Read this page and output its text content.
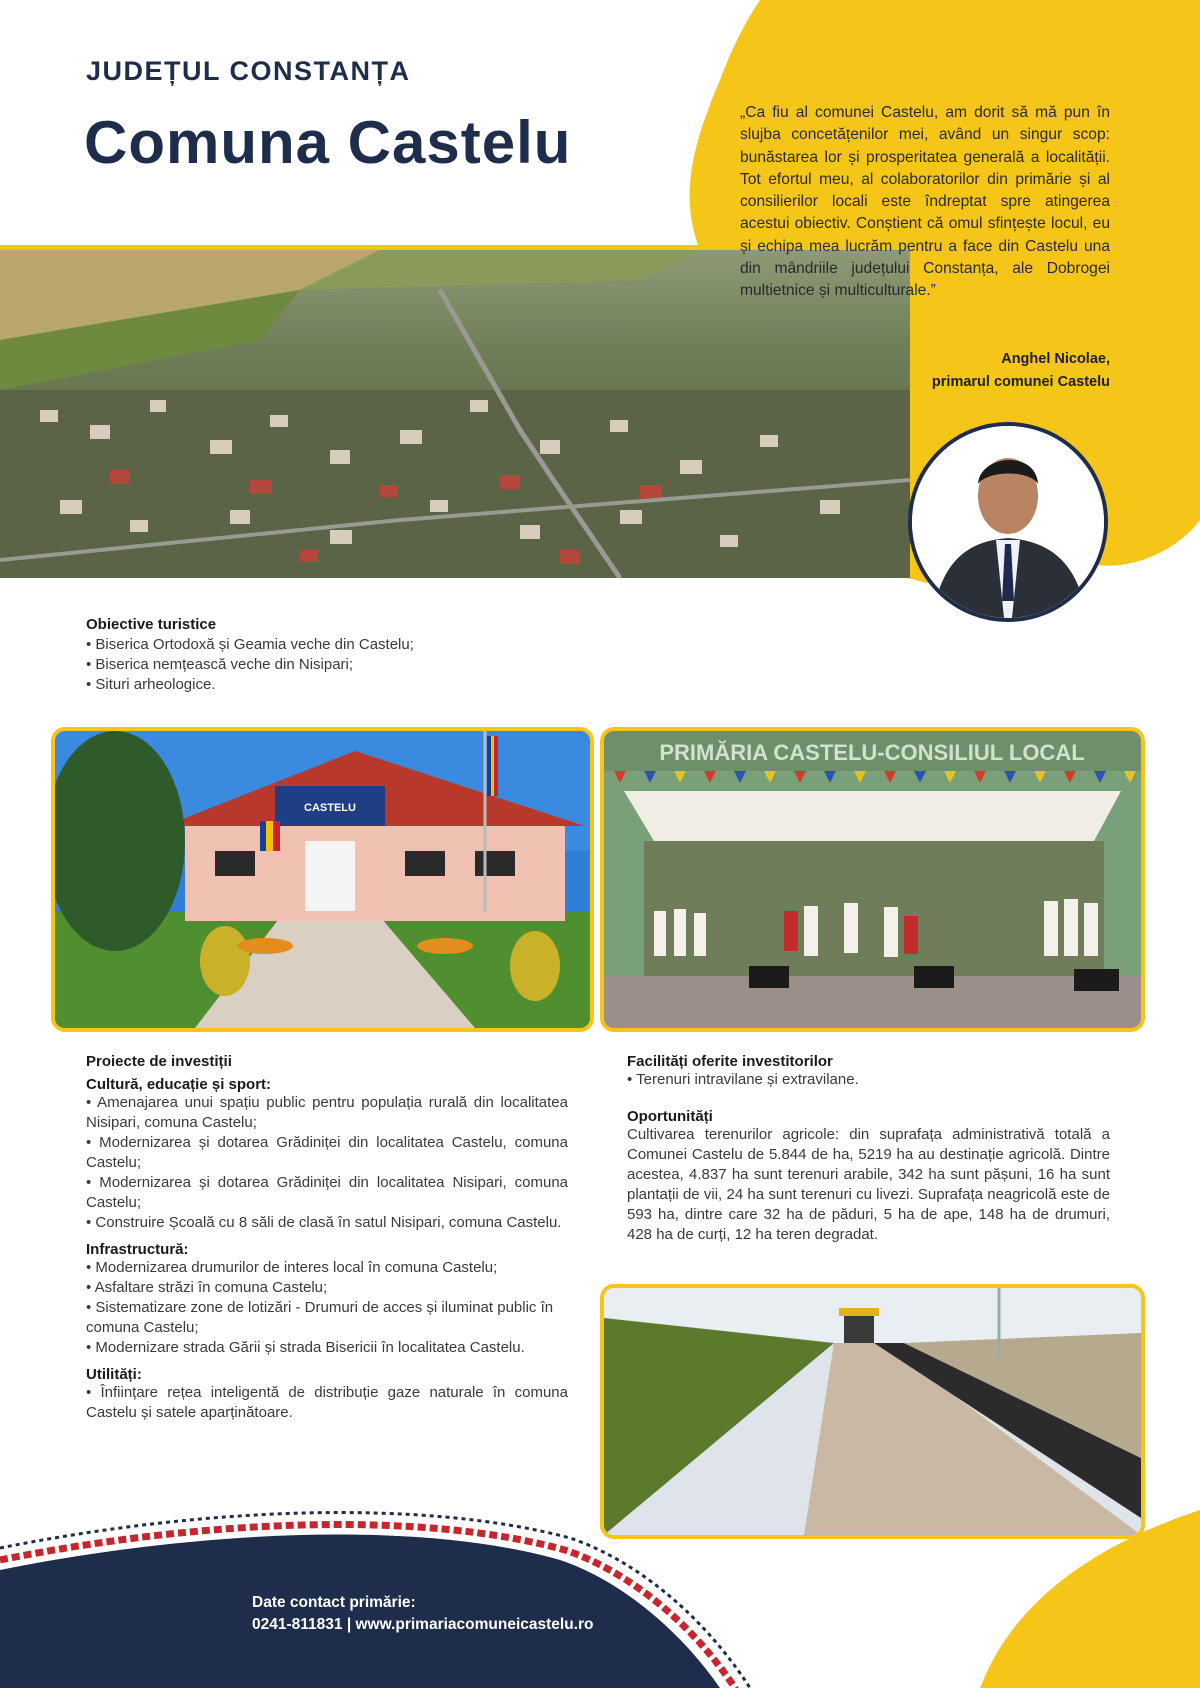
JUDEȚUL CONSTANȚA
Comuna Castelu	„Ca fiu al comunei Castelu, am dorit să mă pun în slujba concetățenilor mei, având un singur scop: bunăstarea lor și prosperitatea generală a localității. Tot efortul meu, al colaboratorilor din primărie și al consilierilor locali este îndreptat spre atingerea acestui obiectiv. Conștient că omul sfințește locul, eu și echipa mea lucrăm pentru a face din Castelu una din mândriile județului Constanța, ale Dobrogei multietnice și multiculturale.”
Anghel Nicolae,
primarul comunei Castelu
Obiective turistice
• Biserica Ortodoxă și Geamia veche din Castelu;
• Biserica nemțească veche din Nisipari;
• Situri arheologice.
CASTELU
PRIMĂRIA CASTELU-CONSILIUL LOCAL
Proiecte de investiții
Cultură, educație și sport:
• Amenajarea unui spațiu public pentru populația rurală din localitatea Nisipari, comuna Castelu;
• Modernizarea și dotarea Grădiniței din localitatea Castelu, comuna Castelu;
• Modernizarea și dotarea Grădiniței din localitatea Nisipari, comuna Castelu;
• Construire Școală cu 8 săli de clasă în satul Nisipari, comuna Castelu.
Infrastructură:
• Modernizarea drumurilor de interes local în comuna Castelu;
• Asfaltare străzi în comuna Castelu;
• Sistematizare zone de lotizări - Drumuri de acces și iluminat public în comuna Castelu;
• Modernizare strada Gării și strada Bisericii în localitatea Castelu.
Utilități:
• Înființare rețea inteligentă de distribuție gaze naturale în comuna Castelu și satele aparținătoare.
Facilități oferite investitorilor
• Terenuri intravilane și extravilane.
Oportunități
Cultivarea terenurilor agricole: din suprafața administrativă totală a Comunei Castelu de 5.844 de ha, 5219 ha au destinație agricolă. Dintre acestea, 4.837 ha sunt terenuri arabile, 342 ha sunt pășuni, 16 ha sunt plantații de vii, 24 ha sunt terenuri cu livezi. Suprafața neagricolă este de 593 ha, dintre care 32 ha de păduri, 5 ha de ape, 148 ha de drumuri, 428 ha de curți, 12 ha teren degradat.
Date contact primărie:
0241-811831 | www.primariacomuneicastelu.ro
